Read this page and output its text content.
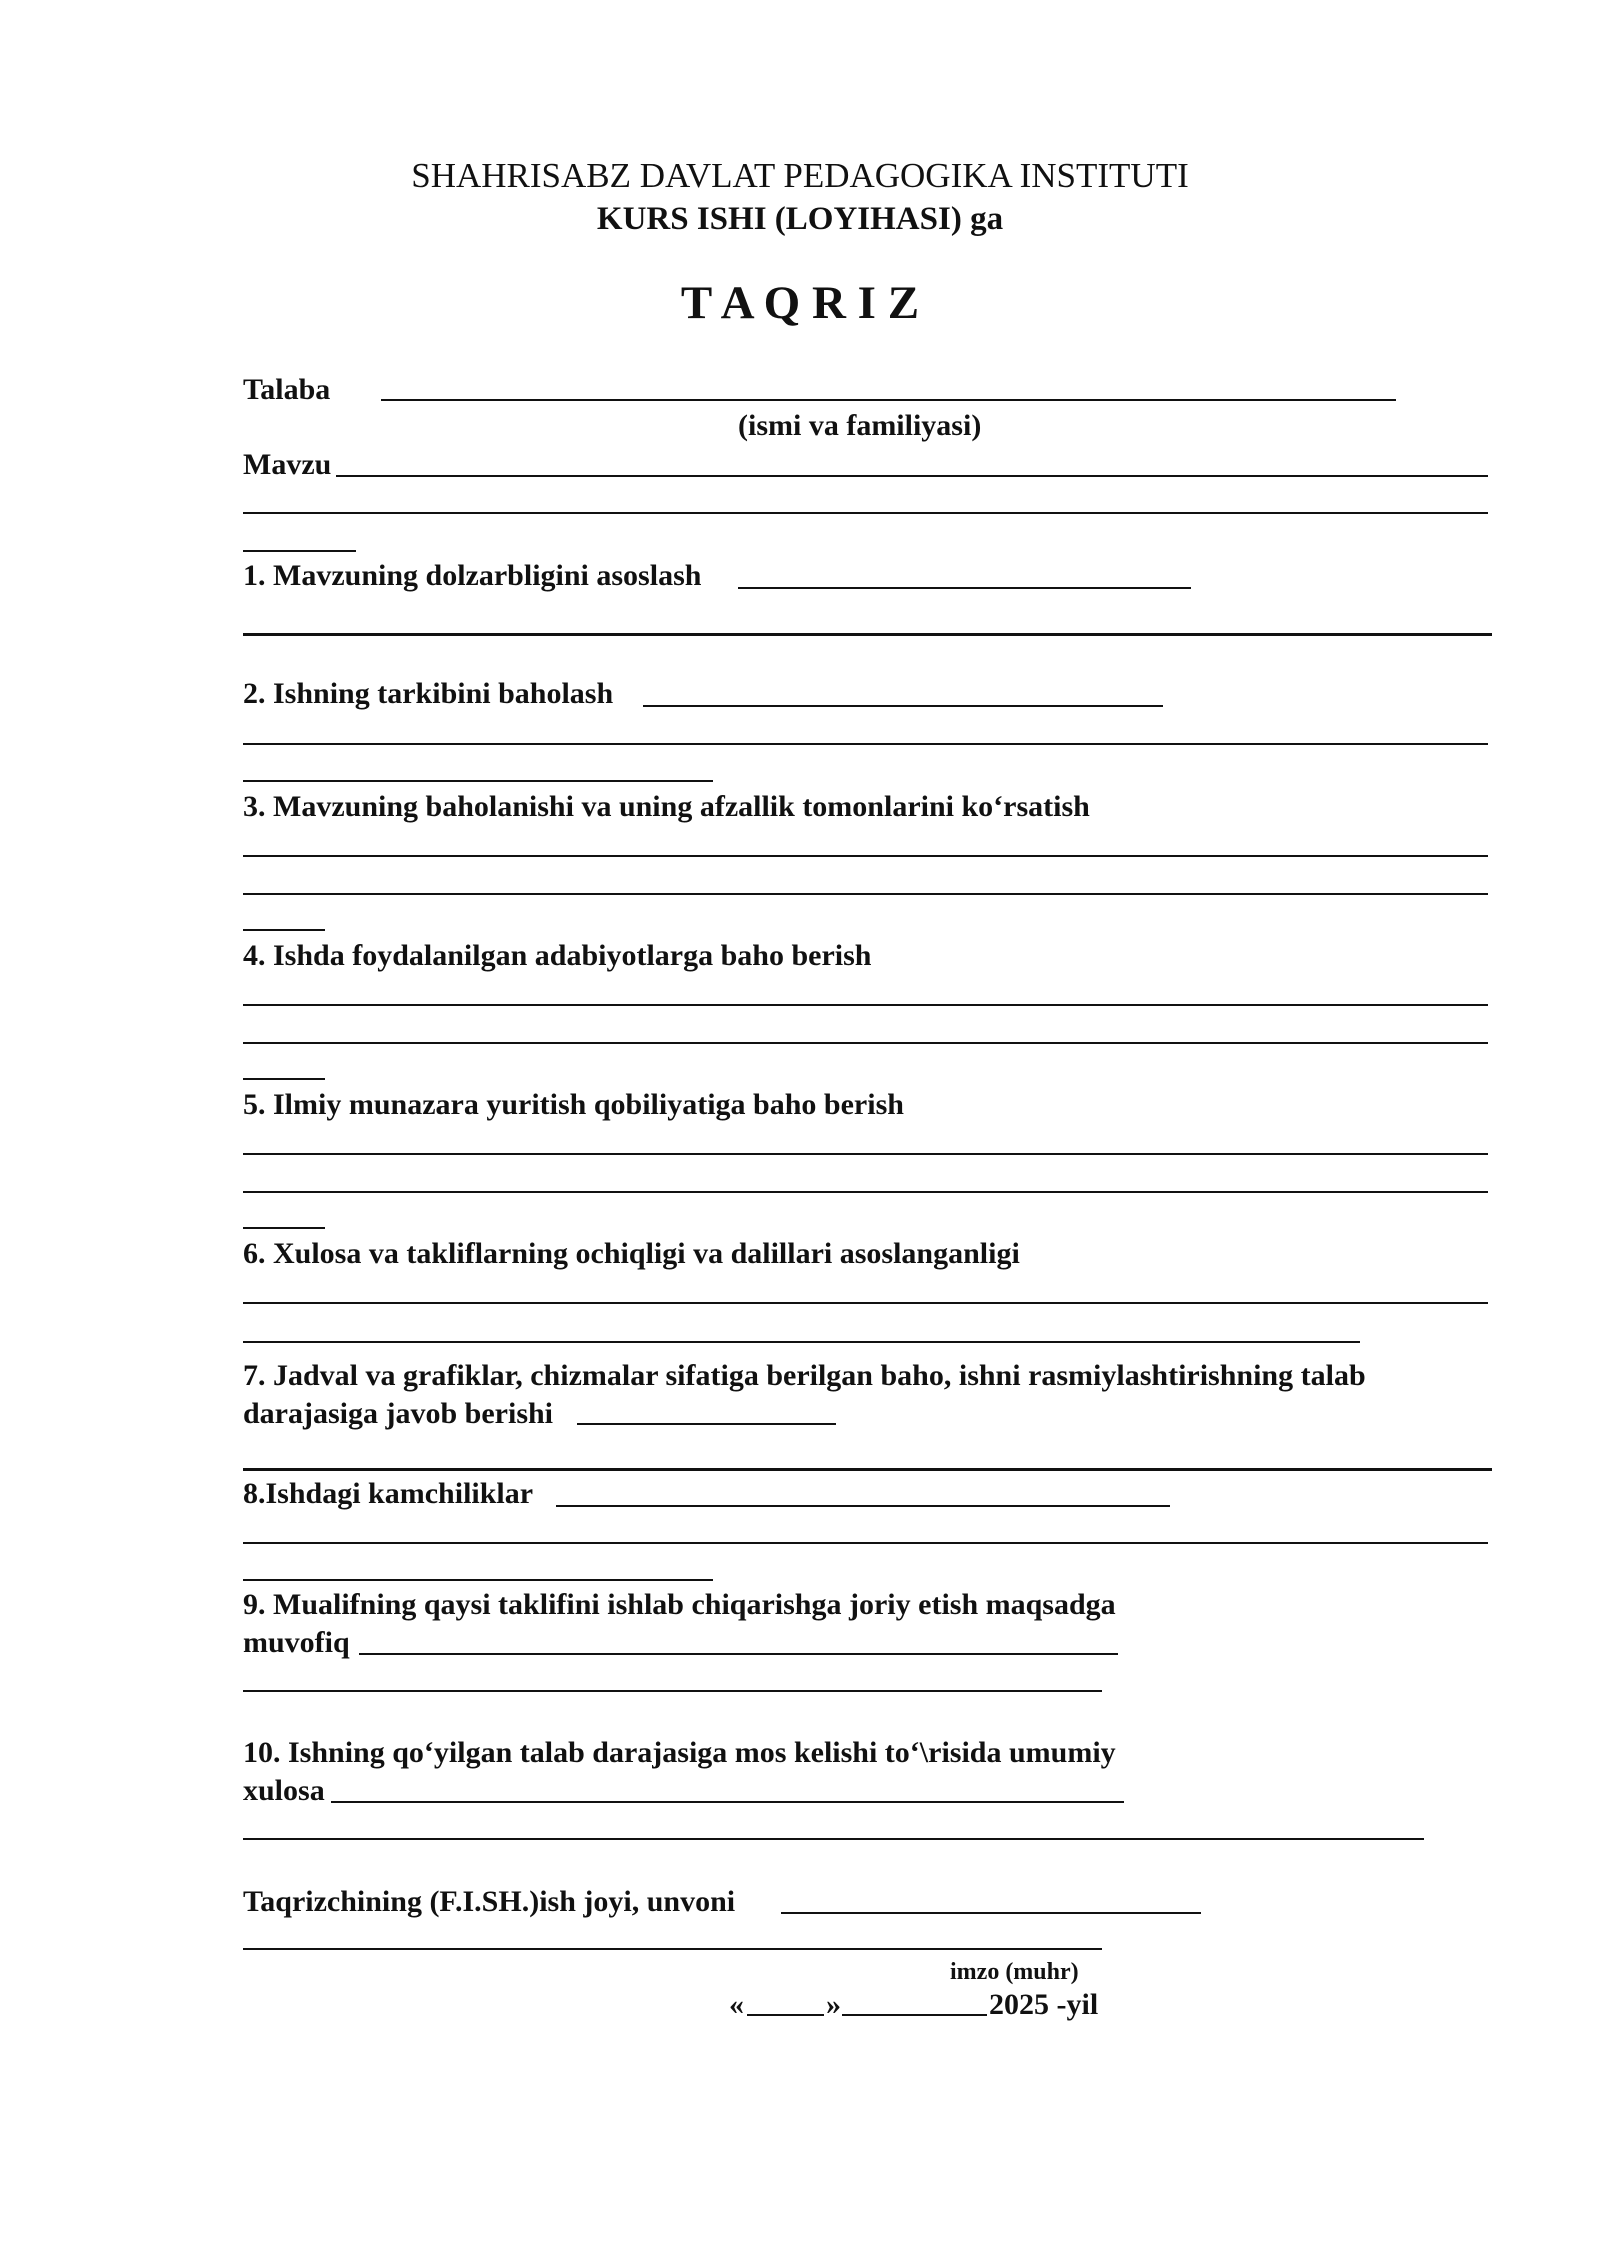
SHAHRISABZ DAVLAT PEDAGOGIKA INSTITUTI
KURS ISHI (LOYIHASI) ga
T A Q R I Z
Talaba
(ismi va familiyasi)
Mavzu
1. Mavzuning dolzarbligini asoslash
2. Ishning tarkibini baholash
3. Mavzuning baholanishi va uning afzallik tomonlarini ko‘rsatish
4. Ishda foydalanilgan adabiyotlarga baho berish
5. Ilmiy munazara yuritish qobiliyatiga baho berish
6. Xulosa va takliflarning ochiqligi va dalillari asoslanganligi
7. Jadval va grafiklar, chizmalar sifatiga berilgan baho, ishni rasmiylashtirishning talab
darajasiga javob berishi
8.Ishdagi kamchiliklar
9. Mualifning qaysi taklifini ishlab chiqarishga joriy etish maqsadga
muvofiq
10. Ishning qo‘yilgan talab darajasiga mos kelishi to‘\risida umumiy
xulosa
Taqrizchining (F.I.SH.)ish joyi, unvoni
imzo (muhr)
«	»	2025 -yil
